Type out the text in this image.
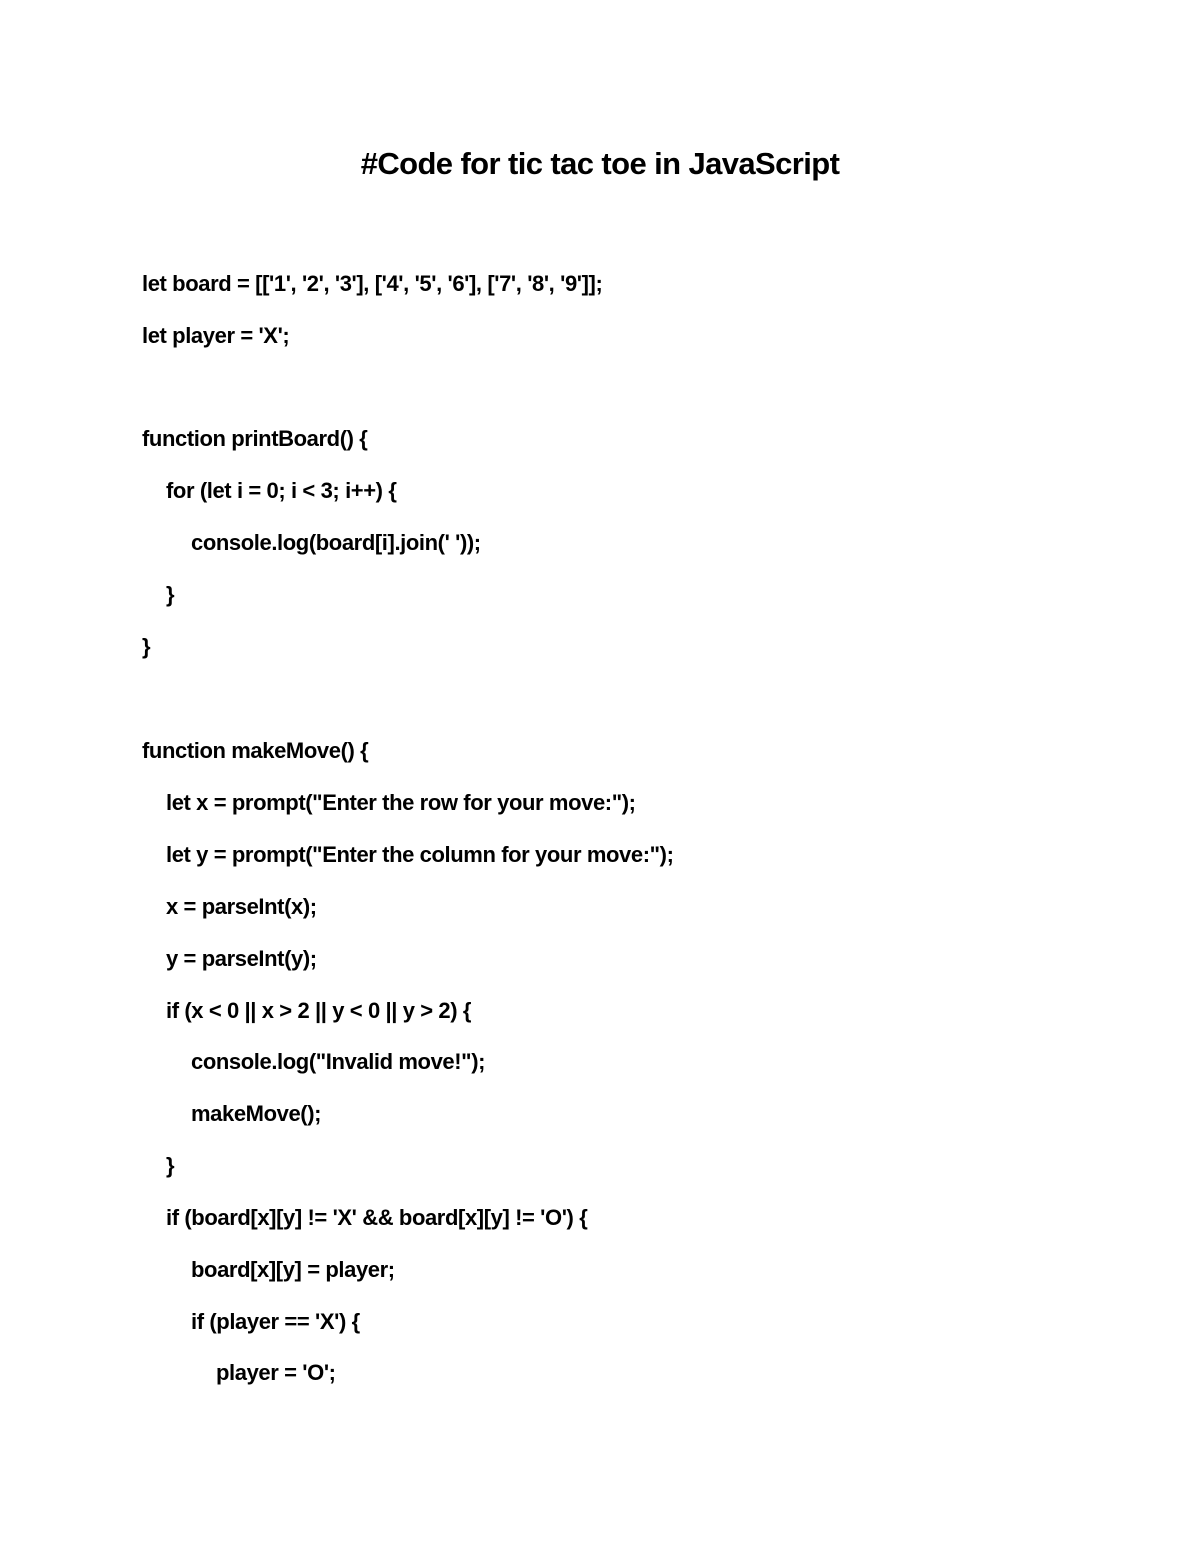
#Code for tic tac toe in JavaScript
let board = [['1', '2', '3'], ['4', '5', '6'], ['7', '8', '9']];
let player = 'X';
function printBoard() {
for (let i = 0; i < 3; i++) {
console.log(board[i].join(' '));
}
}
function makeMove() {
let x = prompt("Enter the row for your move:");
let y = prompt("Enter the column for your move:");
x = parseInt(x);
y = parseInt(y);
if (x < 0 || x > 2 || y < 0 || y > 2) {
console.log("Invalid move!");
makeMove();
}
if (board[x][y] != 'X' && board[x][y] != 'O') {
board[x][y] = player;
if (player == 'X') {
player = 'O';
